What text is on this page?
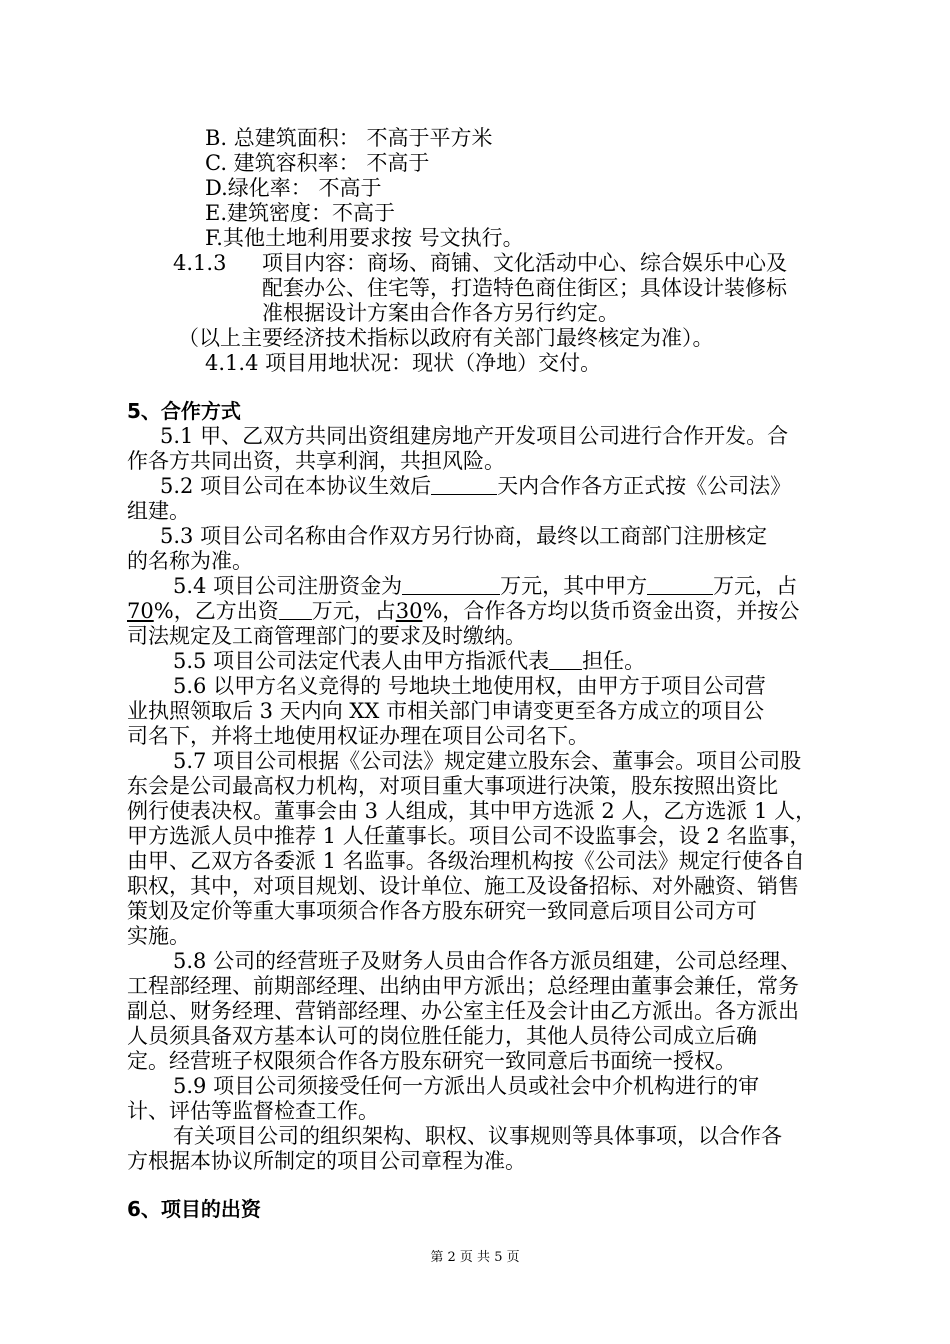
B. 总建筑面积： 不高于平方米
C. 建筑容积率： 不高于
D.绿化率： 不高于
E.建筑密度：不高于
F.其他土地利用要求按 号文执行。
4.1.3 项目内容：商场、商铺、文化活动中心、综合娱乐中心及
配套办公、住宅等，打造特色商住街区；具体设计装修标
准根据设计方案由合作各方另行约定。
（以上主要经济技术指标以政府有关部门最终核定为准）。
4.1.4 项目用地状况：现状（净地）交付。
5、合作方式
5.1 甲、乙双方共同出资组建房地产开发项目公司进行合作开发。合
作各方共同出资，共享利润，共担风险。
5.2 项目公司在本协议生效后	天内合作各方正式按《公司法》
组建。
5.3 项目公司名称由合作双方另行协商，最终以工商部门注册核定
的名称为准。
5.4 项目公司注册资金为	万元，其中甲方	万元，占
70%，乙方出资 万元，占30%，合作各方均以货币资金出资，并按公
司法规定及工商管理部门的要求及时缴纳。
5.5 项目公司法定代表人由甲方指派代表 担任。
5.6 以甲方名义竞得的 号地块土地使用权，由甲方于项目公司营
业执照领取后 3 天内向 XX 市相关部门申请变更至各方成立的项目公
司名下，并将土地使用权证办理在项目公司名下。
5.7 项目公司根据《公司法》规定建立股东会、董事会。项目公司股
东会是公司最高权力机构，对项目重大事项进行决策，股东按照出资比
例行使表决权。董事会由 3 人组成，其中甲方选派 2 人，乙方选派 1 人，
甲方选派人员中推荐 1 人任董事长。项目公司不设监事会，设 2 名监事，
由甲、乙双方各委派 1 名监事。各级治理机构按《公司法》规定行使各自
职权，其中，对项目规划、设计单位、施工及设备招标、对外融资、销售
策划及定价等重大事项须合作各方股东研究一致同意后项目公司方可
实施。
5.8 公司的经营班子及财务人员由合作各方派员组建，公司总经理、
工程部经理、前期部经理、出纳由甲方派出；总经理由董事会兼任，常务
副总、财务经理、营销部经理、办公室主任及会计由乙方派出。各方派出
人员须具备双方基本认可的岗位胜任能力，其他人员待公司成立后确
定。经营班子权限须合作各方股东研究一致同意后书面统一授权。
5.9 项目公司须接受任何一方派出人员或社会中介机构进行的审
计、评估等监督检查工作。
有关项目公司的组织架构、职权、议事规则等具体事项，以合作各
方根据本协议所制定的项目公司章程为准。
6、项目的出资
第 2 页 共 5 页
